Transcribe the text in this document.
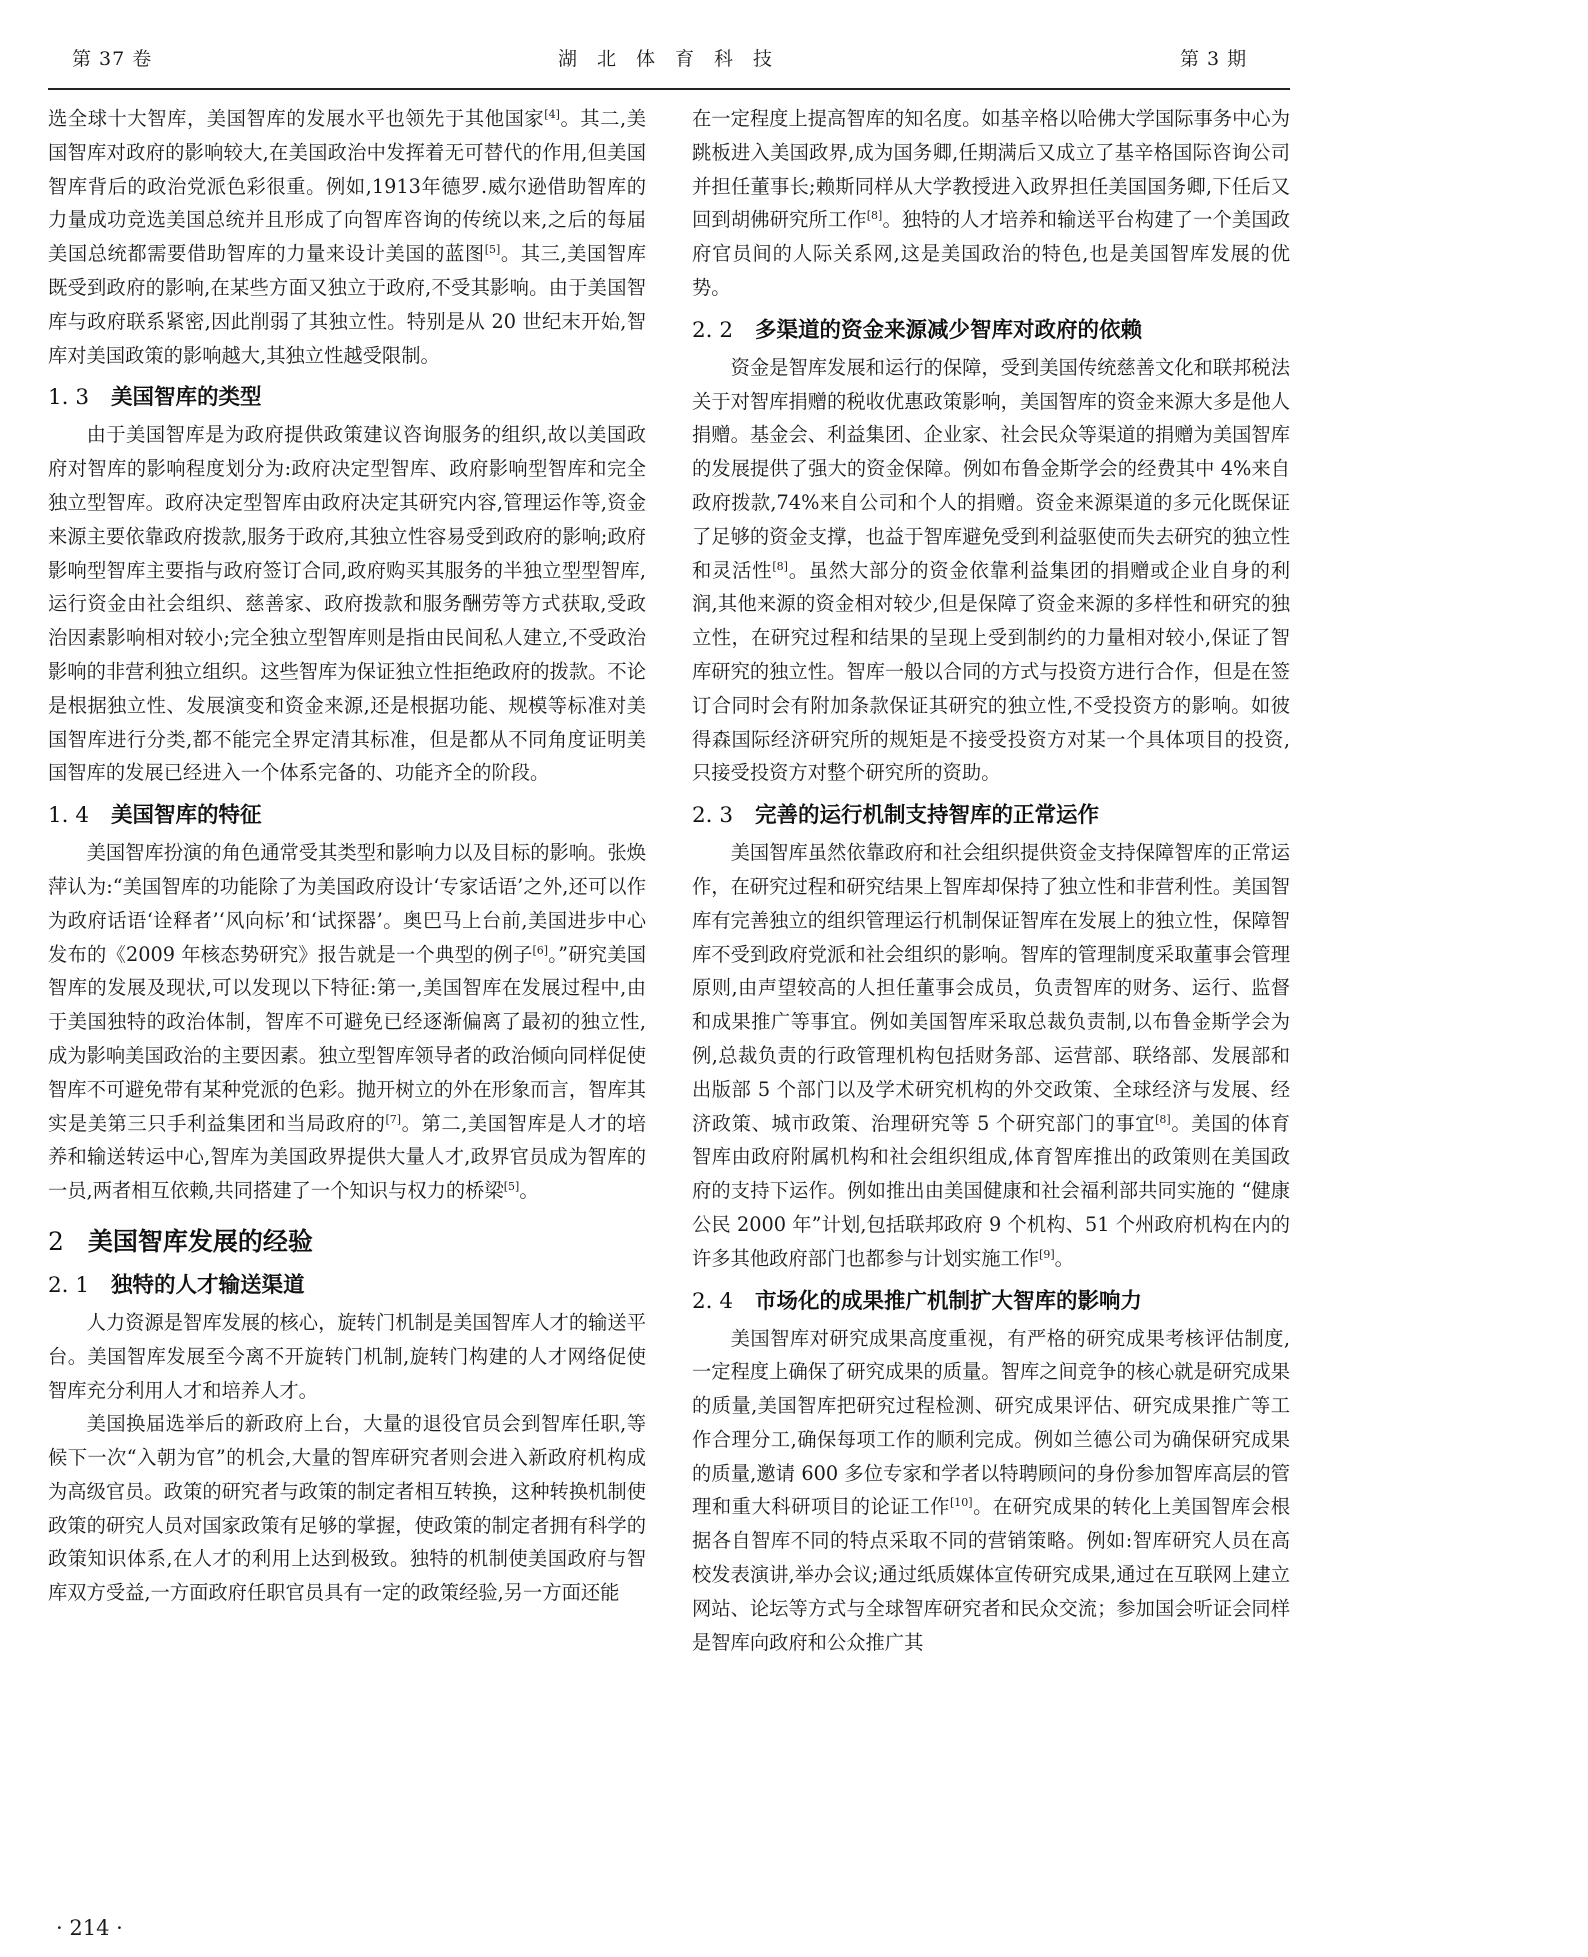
第 37 卷	湖北体育科技	第 3 期

选全球十大智库，美国智库的发展水平也领先于其他国家[4]。其二,美国智库对政府的影响较大,在美国政治中发挥着无可替代的作用,但美国智库背后的政治党派色彩很重。例如,1913年德罗.威尔逊借助智库的力量成功竞选美国总统并且形成了向智库咨询的传统以来,之后的每届美国总统都需要借助智库的力量来设计美国的蓝图[5]。其三,美国智库既受到政府的影响,在某些方面又独立于政府,不受其影响。由于美国智库与政府联系紧密,因此削弱了其独立性。特别是从 20 世纪末开始,智库对美国政策的影响越大,其独立性越受限制。

1. 3 美国智库的类型

由于美国智库是为政府提供政策建议咨询服务的组织,故以美国政府对智库的影响程度划分为:政府决定型智库、政府影响型智库和完全独立型智库。政府决定型智库由政府决定其研究内容,管理运作等,资金来源主要依靠政府拨款,服务于政府,其独立性容易受到政府的影响;政府影响型智库主要指与政府签订合同,政府购买其服务的半独立型型智库,运行资金由社会组织、慈善家、政府拨款和服务酬劳等方式获取,受政治因素影响相对较小;完全独立型智库则是指由民间私人建立,不受政治影响的非营利独立组织。这些智库为保证独立性拒绝政府的拨款。不论是根据独立性、发展演变和资金来源,还是根据功能、规模等标准对美国智库进行分类,都不能完全界定清其标准，但是都从不同角度证明美国智库的发展已经进入一个体系完备的、功能齐全的阶段。

1. 4 美国智库的特征

美国智库扮演的角色通常受其类型和影响力以及目标的影响。张焕萍认为:“美国智库的功能除了为美国政府设计‘专家话语’之外,还可以作为政府话语‘诠释者’‘风向标’和‘试探器’。奥巴马上台前,美国进步中心发布的《2009 年核态势研究》报告就是一个典型的例子[6]。”研究美国智库的发展及现状,可以发现以下特征:第一,美国智库在发展过程中,由于美国独特的政治体制，智库不可避免已经逐渐偏离了最初的独立性,成为影响美国政治的主要因素。独立型智库领导者的政治倾向同样促使智库不可避免带有某种党派的色彩。抛开树立的外在形象而言，智库其实是美第三只手利益集团和当局政府的[7]。第二,美国智库是人才的培养和输送转运中心,智库为美国政界提供大量人才,政界官员成为智库的一员,两者相互依赖,共同搭建了一个知识与权力的桥梁[5]。

2 美国智库发展的经验
2. 1 独特的人才输送渠道

人力资源是智库发展的核心，旋转门机制是美国智库人才的输送平台。美国智库发展至今离不开旋转门机制,旋转门构建的人才网络促使智库充分利用人才和培养人才。

美国换届选举后的新政府上台，大量的退役官员会到智库任职,等候下一次“入朝为官”的机会,大量的智库研究者则会进入新政府机构成为高级官员。政策的研究者与政策的制定者相互转换，这种转换机制使政策的研究人员对国家政策有足够的掌握，使政策的制定者拥有科学的政策知识体系,在人才的利用上达到极致。独特的机制使美国政府与智库双方受益,一方面政府任职官员具有一定的政策经验,另一方面还能

在一定程度上提高智库的知名度。如基辛格以哈佛大学国际事务中心为跳板进入美国政界,成为国务卿,任期满后又成立了基辛格国际咨询公司并担任董事长;赖斯同样从大学教授进入政界担任美国国务卿,下任后又回到胡佛研究所工作[8]。独特的人才培养和输送平台构建了一个美国政府官员间的人际关系网,这是美国政治的特色,也是美国智库发展的优势。

2. 2 多渠道的资金来源减少智库对政府的依赖

资金是智库发展和运行的保障，受到美国传统慈善文化和联邦税法关于对智库捐赠的税收优惠政策影响，美国智库的资金来源大多是他人捐赠。基金会、利益集团、企业家、社会民众等渠道的捐赠为美国智库的发展提供了强大的资金保障。例如布鲁金斯学会的经费其中 4%来自政府拨款,74%来自公司和个人的捐赠。资金来源渠道的多元化既保证了足够的资金支撑，也益于智库避免受到利益驱使而失去研究的独立性和灵活性[8]。虽然大部分的资金依靠利益集团的捐赠或企业自身的利润,其他来源的资金相对较少,但是保障了资金来源的多样性和研究的独立性，在研究过程和结果的呈现上受到制约的力量相对较小,保证了智库研究的独立性。智库一般以合同的方式与投资方进行合作，但是在签订合同时会有附加条款保证其研究的独立性,不受投资方的影响。如彼得森国际经济研究所的规矩是不接受投资方对某一个具体项目的投资,只接受投资方对整个研究所的资助。

2. 3 完善的运行机制支持智库的正常运作

美国智库虽然依靠政府和社会组织提供资金支持保障智库的正常运作，在研究过程和研究结果上智库却保持了独立性和非营利性。美国智库有完善独立的组织管理运行机制保证智库在发展上的独立性，保障智库不受到政府党派和社会组织的影响。智库的管理制度采取董事会管理原则,由声望较高的人担任董事会成员，负责智库的财务、运行、监督和成果推广等事宜。例如美国智库采取总裁负责制,以布鲁金斯学会为例,总裁负责的行政管理机构包括财务部、运营部、联络部、发展部和出版部 5 个部门以及学术研究机构的外交政策、全球经济与发展、经济政策、城市政策、治理研究等 5 个研究部门的事宜[8]。美国的体育智库由政府附属机构和社会组织组成,体育智库推出的政策则在美国政府的支持下运作。例如推出由美国健康和社会福利部共同实施的 “健康公民 2000 年”计划,包括联邦政府 9 个机构、51 个州政府机构在内的许多其他政府部门也都参与计划实施工作[9]。

2. 4 市场化的成果推广机制扩大智库的影响力

美国智库对研究成果高度重视，有严格的研究成果考核评估制度,一定程度上确保了研究成果的质量。智库之间竞争的核心就是研究成果的质量,美国智库把研究过程检测、研究成果评估、研究成果推广等工作合理分工,确保每项工作的顺利完成。例如兰德公司为确保研究成果的质量,邀请 600 多位专家和学者以特聘顾问的身份参加智库高层的管理和重大科研项目的论证工作[10]。在研究成果的转化上美国智库会根据各自智库不同的特点采取不同的营销策略。例如:智库研究人员在高校发表演讲,举办会议;通过纸质媒体宣传研究成果,通过在互联网上建立网站、论坛等方式与全球智库研究者和民众交流；参加国会听证会同样是智库向政府和公众推广其

· 214 ·
